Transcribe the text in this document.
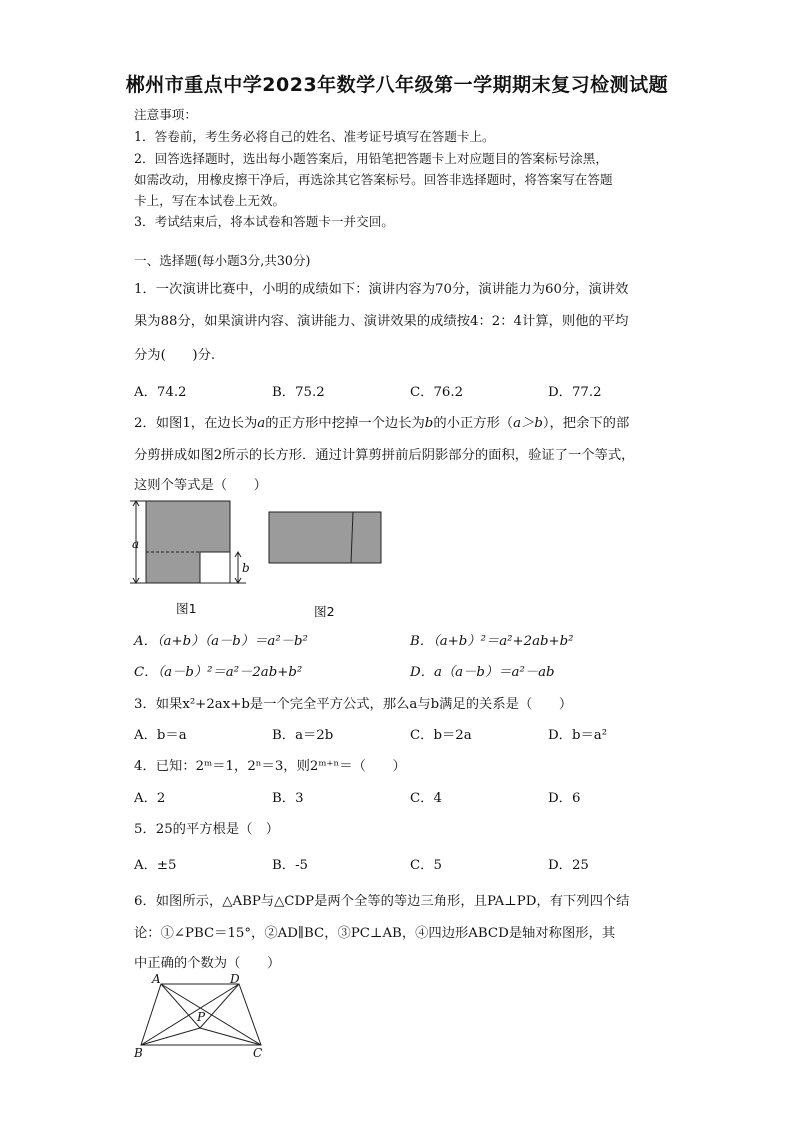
郴州市重点中学2023年数学八年级第一学期期末复习检测试题
注意事项：
1．答卷前，考生务必将自己的姓名、准考证号填写在答题卡上。
2．回答选择题时，选出每小题答案后，用铅笔把答题卡上对应题目的答案标号涂黑，
如需改动，用橡皮擦干净后，再选涂其它答案标号。回答非选择题时，将答案写在答题
卡上，写在本试卷上无效。
3．考试结束后，将本试卷和答题卡一并交回。
一、选择题(每小题3分,共30分)
1．一次演讲比赛中，小明的成绩如下：演讲内容为70分，演讲能力为60分，演讲效
果为88分，如果演讲内容、演讲能力、演讲效果的成绩按4：2：4计算，则他的平均
分为(　　)分.
A．74.2	B．75.2	C．76.2	D．77.2
2．如图1，在边长为a的正方形中挖掉一个边长为b的小正方形（a＞b），把余下的部
分剪拼成如图2所示的长方形．通过计算剪拼前后阴影部分的面积，验证了一个等式，
这则个等式是（　　）
a
b
图1	图2
A．（a+b）（a－b）＝a²－b²	B．（a+b）²＝a²+2ab+b²
C．（a－b）²＝a²－2ab+b²	D．a（a－b）＝a²－ab
3．如果x²+2ax+b是一个完全平方公式，那么a与b满足的关系是（　　）
A．b＝a	B．a＝2b	C．b＝2a	D．b＝a²
4．已知：2ᵐ＝1，2ⁿ＝3，则2ᵐ⁺ⁿ＝（　　）
A．2	B．3	C．4	D．6
5．25的平方根是（　）
A．±5	B．-5	C．5	D．25
6．如图所示，△ABP与△CDP是两个全等的等边三角形，且PA⊥PD，有下列四个结
论：①∠PBC＝15°，②AD∥BC，③PC⊥AB，④四边形ABCD是轴对称图形，其
中正确的个数为（　　）
A	D
P
B	C
